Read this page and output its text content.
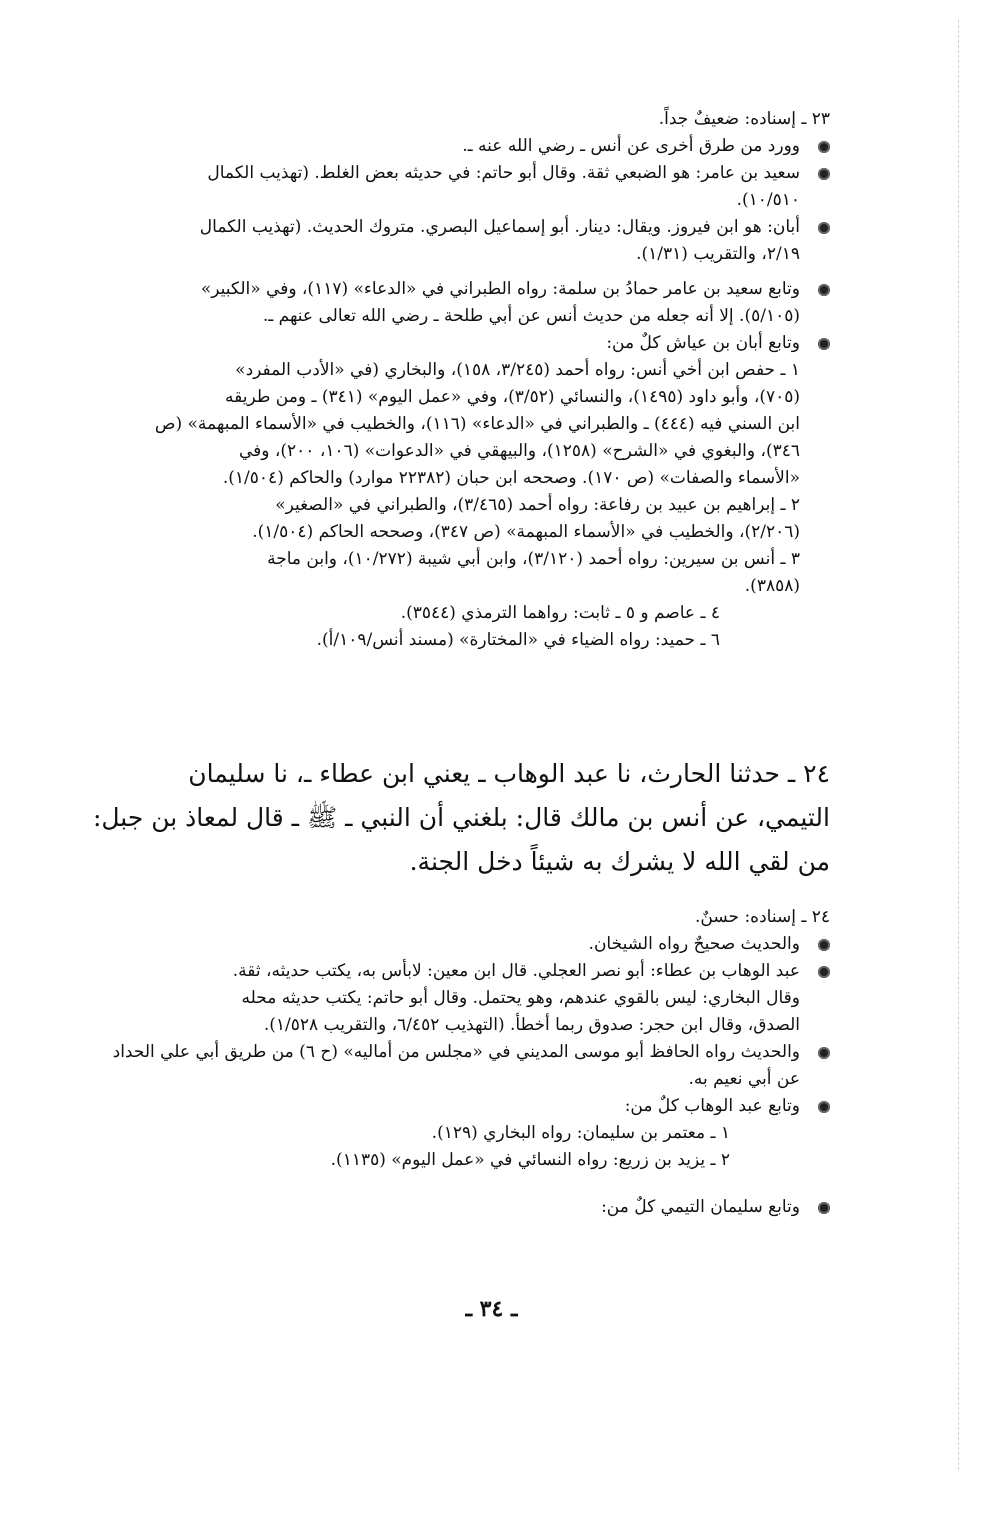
٢٣ ـ إسناده: ضعيفٌ جداً.
وورد من طرق أخرى عن أنس ـ رضي الله عنه ـ.
سعيد بن عامر: هو الضبعي ثقة. وقال أبو حاتم: في حديثه بعض الغلط. (تهذيب الكمال
١٠/٥١٠).
أبان: هو ابن فيروز. ويقال: دينار. أبو إسماعيل البصري. متروك الحديث. (تهذيب الكمال
٢/١٩، والتقريب (١/٣١).
وتابع سعيد بن عامر حمادُ بن سلمة: رواه الطبراني في «الدعاء» (١١٧)، وفي «الكبير»
(٥/١٠٥). إلا أنه جعله من حديث أنس عن أبي طلحة ـ رضي الله تعالى عنهم ـ.
وتابع أبان بن عياش كلٌ من:
١ ـ حفص ابن أخي أنس: رواه أحمد (٣/٢٤٥، ١٥٨)، والبخاري (في «الأدب المفرد»
(٧٠٥)، وأبو داود (١٤٩٥)، والنسائي (٣/٥٢)، وفي «عمل اليوم» (٣٤١) ـ ومن طريقه
ابن السني فيه (٤٤٤) ـ والطبراني في «الدعاء» (١١٦)، والخطيب في «الأسماء المبهمة» (ص
٣٤٦)، والبغوي في «الشرح» (١٢٥٨)، والبيهقي في «الدعوات» (١٠٦، ٢٠٠)، وفي
«الأسماء والصفات» (ص ١٧٠). وصححه ابن حبان (٢٢٣٨٢ موارد) والحاكم (١/٥٠٤).
٢ ـ إبراهيم بن عبيد بن رفاعة: رواه أحمد (٣/٤٦٥)، والطبراني في «الصغير»
(٢/٢٠٦)، والخطيب في «الأسماء المبهمة» (ص ٣٤٧)، وصححه الحاكم (١/٥٠٤).
٣ ـ أنس بن سيرين: رواه أحمد (٣/١٢٠)، وابن أبي شيبة (١٠/٢٧٢)، وابن ماجة
(٣٨٥٨).
٤ ـ عاصم و ٥ ـ ثابت: رواهما الترمذي (٣٥٤٤).
٦ ـ حميد: رواه الضياء في «المختارة» (مسند أنس/١٠٩/أ).
٢٤ ـ حدثنا الحارث، نا عبد الوهاب ـ يعني ابن عطاء ـ، نا سليمان
التيمي، عن أنس بن مالك قال: بلغني أن النبي ـ ﷺ ـ قال لمعاذ بن جبل:
من لقي الله لا يشرك به شيئاً دخل الجنة.
٢٤ ـ إسناده: حسنٌ.
والحديث صحيحٌ رواه الشيخان.
عبد الوهاب بن عطاء: أبو نصر العجلي. قال ابن معين: لابأس به، يكتب حديثه، ثقة.
وقال البخاري: ليس بالقوي عندهم، وهو يحتمل. وقال أبو حاتم: يكتب حديثه محله
الصدق، وقال ابن حجر: صدوق ربما أخطأ. (التهذيب ٦/٤٥٢، والتقريب ١/٥٢٨).
والحديث رواه الحافظ أبو موسى المديني في «مجلس من أماليه» (ح ٦) من طريق أبي علي الحداد
عن أبي نعيم به.
وتابع عبد الوهاب كلٌ من:
١ ـ معتمر بن سليمان: رواه البخاري (١٢٩).
٢ ـ يزيد بن زريع: رواه النسائي في «عمل اليوم» (١١٣٥).
وتابع سليمان التيمي كلٌ من:
ـ ٣٤ ـ
